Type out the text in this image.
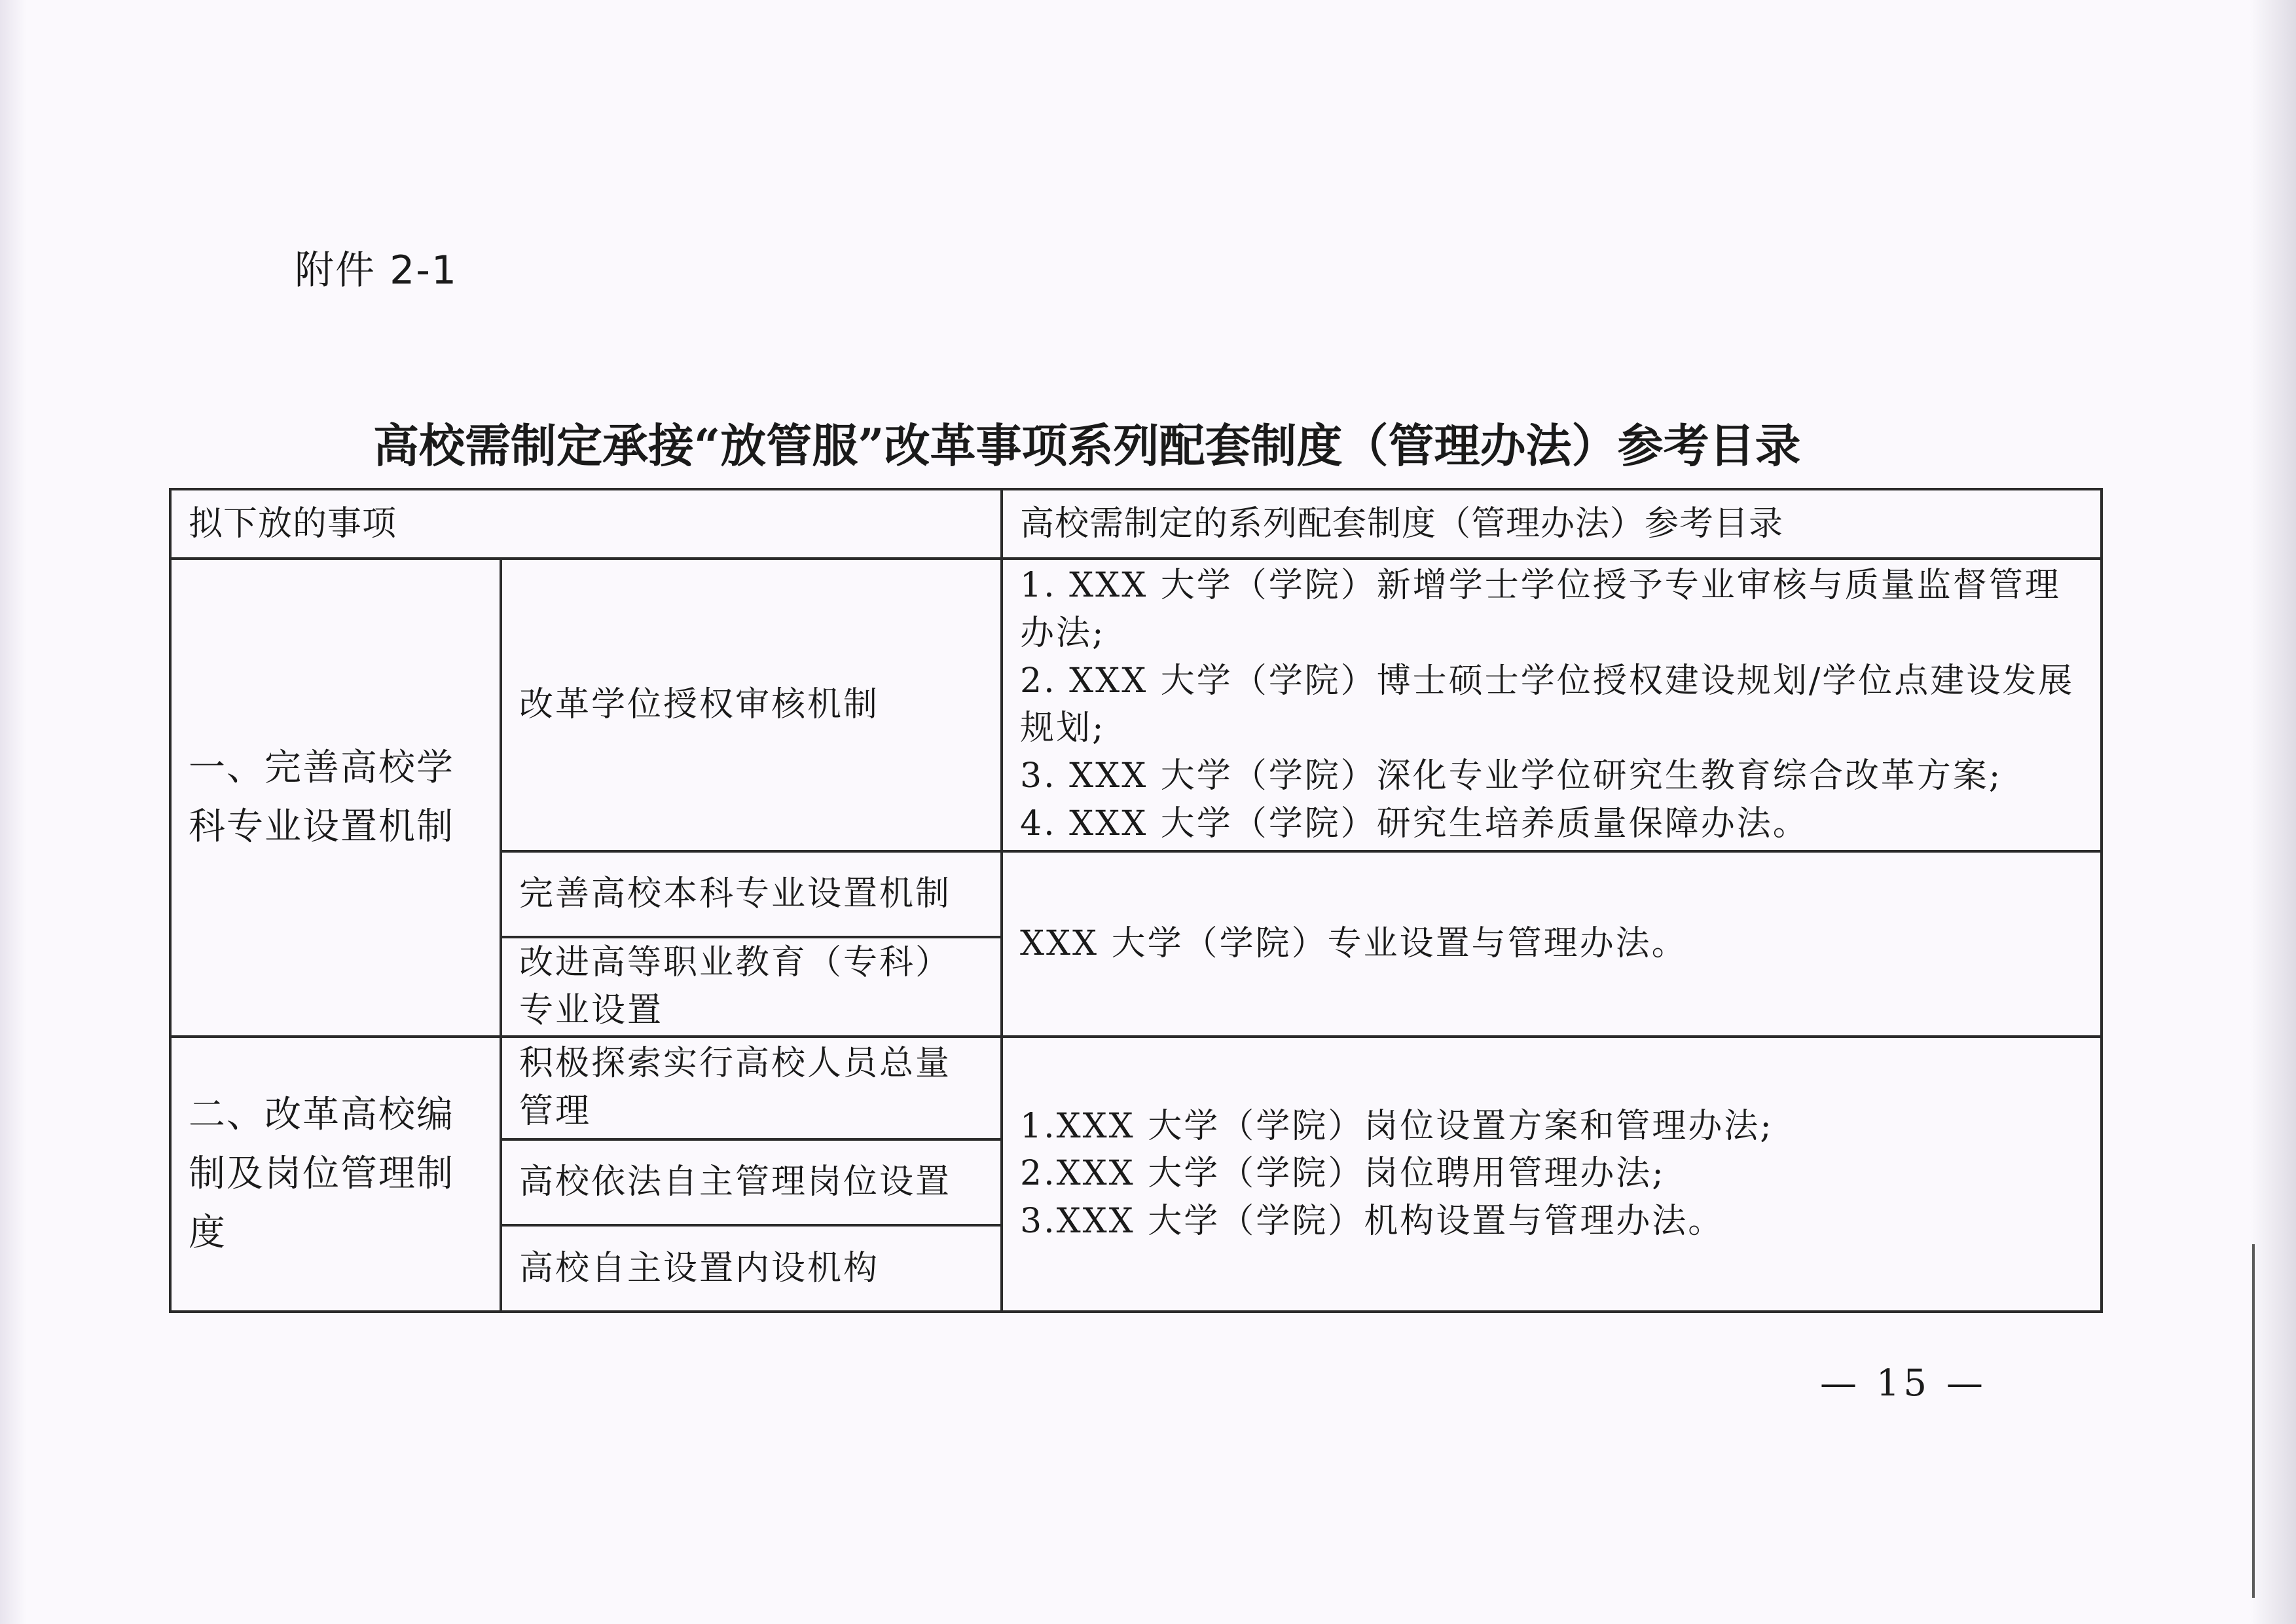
附件 2-1
高校需制定承接“放管服”改革事项系列配套制度（管理办法）参考目录
拟下放的事项		高校需制定的系列配套制度（管理办法）参考目录
一、完善高校学科专业设置机制	改革学位授权审核机制	1. XXX 大学（学院）新增学士学位授予专业审核与质量监督管理办法;
2. XXX 大学（学院）博士硕士学位授权建设规划/学位点建设发展规划;
3. XXX 大学（学院）深化专业学位研究生教育综合改革方案;
4. XXX 大学（学院）研究生培养质量保障办法。

	完善高校本科专业设置机制	XXX 大学（学院）专业设置与管理办法。
	改进高等职业教育（专科）专业设置	
二、改革高校编制及岗位管理制度	积极探索实行高校人员总量管理	1.XXX 大学（学院）岗位设置方案和管理办法;
2.XXX 大学（学院）岗位聘用管理办法;
3.XXX 大学（学院）机构设置与管理办法。

	高校依法自主管理岗位设置	
	高校自主设置内设机构	
— 15 —
